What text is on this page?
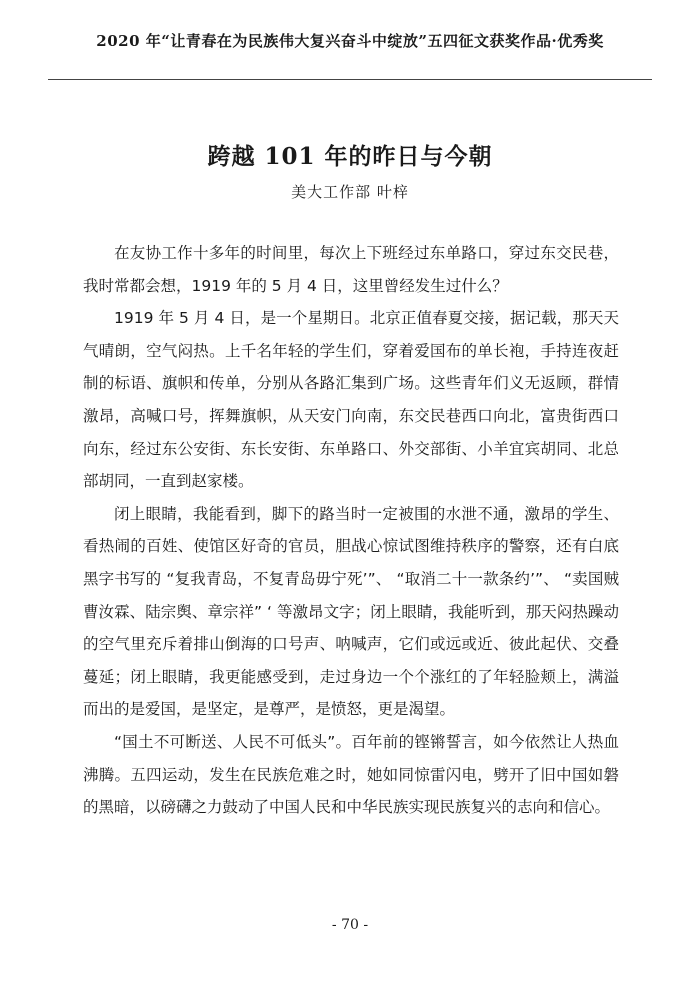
2020 年“让青春在为民族伟大复兴奋斗中绽放”五四征文获奖作品·优秀奖
跨越 101 年的昨日与今朝
美大工作部 叶梓

在友协工作十多年的时间里，每次上下班经过东单路口，穿过东交民巷，我时常都会想，1919 年的 5 月 4 日，这里曾经发生过什么？

1919 年 5 月 4 日，是一个星期日。北京正值春夏交接，据记载，那天天气晴朗，空气闷热。上千名年轻的学生们，穿着爱国布的单长袍，手持连夜赶制的标语、旗帜和传单，分别从各路汇集到广场。这些青年们义无返顾，群情激昂，高喊口号，挥舞旗帜，从天安门向南，东交民巷西口向北，富贵街西口向东，经过东公安街、东长安街、东单路口、外交部街、小羊宜宾胡同、北总部胡同，一直到赵家楼。

闭上眼睛，我能看到，脚下的路当时一定被围的水泄不通，激昂的学生、看热闹的百姓、使馆区好奇的官员，胆战心惊试图维持秩序的警察，还有白底黑字书写的 “复我青岛，不复青岛毋宁死’”、 “取消二十一款条约’”、 “卖国贼曹汝霖、陆宗舆、章宗祥” ‘ 等激昂文字；闭上眼睛，我能听到，那天闷热躁动的空气里充斥着排山倒海的口号声、呐喊声，它们或远或近、彼此起伏、交叠蔓延；闭上眼睛，我更能感受到，走过身边一个个涨红的了年轻脸颊上，满溢而出的是爱国，是坚定，是尊严，是愤怒，更是渴望。

“国土不可断送、人民不可低头”。百年前的铿锵誓言，如今依然让人热血沸腾。五四运动，发生在民族危难之时，她如同惊雷闪电，劈开了旧中国如磐的黑暗，以磅礴之力鼓动了中国人民和中华民族实现民族复兴的志向和信心。

- 70 -
